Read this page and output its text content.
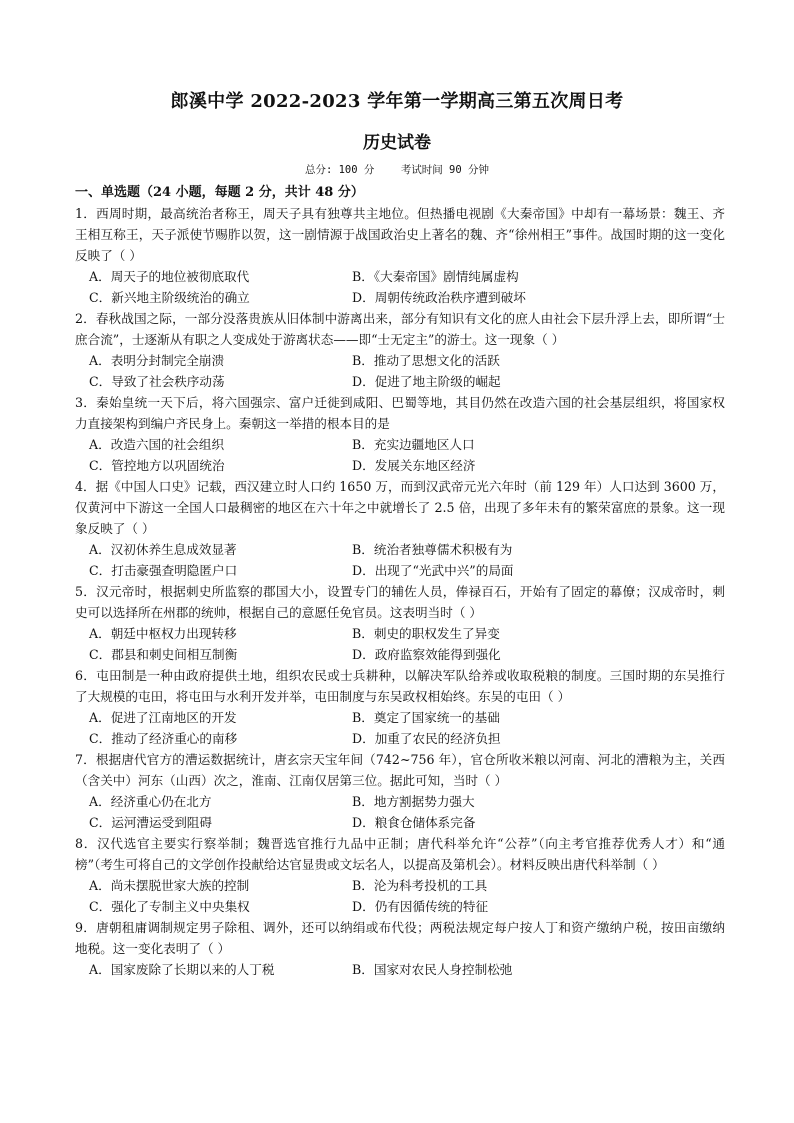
郎溪中学 2022-2023 学年第一学期高三第五次周日考
历史试卷
总分: 100 分	考试时间 90 分钟
一、单选题（24 小题，每题 2 分，共计 48 分）
1．西周时期，最高统治者称王，周天子具有独尊共主地位。但热播电视剧《大秦帝国》中却有一幕场景：魏王、齐王相互称王，天子派使节赐胙以贺，这一剧情源于战国政治史上著名的魏、齐“徐州相王”事件。战国时期的这一变化反映了（ ）
A．周天子的地位被彻底取代	B．《大秦帝国》剧情纯属虚构
C．新兴地主阶级统治的确立	D．周朝传统政治秩序遭到破坏
2．春秋战国之际，一部分没落贵族从旧体制中游离出来，部分有知识有文化的庶人由社会下层升浮上去，即所谓“士庶合流”，士逐渐从有职之人变成处于游离状态——即“士无定主”的游士。这一现象（ ）
A．表明分封制完全崩溃	B．推动了思想文化的活跃
C．导致了社会秩序动荡	D．促进了地主阶级的崛起
3．秦始皇统一天下后，将六国强宗、富户迁徙到咸阳、巴蜀等地，其目仍然在改造六国的社会基层组织，将国家权力直接架构到编户齐民身上。秦朝这一举措的根本目的是
A．改造六国的社会组织	B．充实边疆地区人口
C．管控地方以巩固统治	D．发展关东地区经济
4．据《中国人口史》记载，西汉建立时人口约 1650 万，而到汉武帝元光六年时（前 129 年）人口达到 3600 万，仅黄河中下游这一全国人口最稠密的地区在六十年之中就增长了 2.5 倍，出现了多年未有的繁荣富庶的景象。这一现象反映了（ ）
A．汉初休养生息成效显著	B．统治者独尊儒术积极有为
C．打击豪强查明隐匿户口	D．出现了“光武中兴”的局面
5．汉元帝时，根据刺史所监察的郡国大小，设置专门的辅佐人员，俸禄百石，开始有了固定的幕僚；汉成帝时，刺史可以选择所在州郡的统帅，根据自己的意愿任免官员。这表明当时（ ）
A．朝廷中枢权力出现转移	B．刺史的职权发生了异变
C．郡县和刺史间相互制衡	D．政府监察效能得到强化
6．屯田制是一种由政府提供土地，组织农民或士兵耕种，以解决军队给养或收取税粮的制度。三国时期的东吴推行了大规模的屯田，将屯田与水利开发并举，屯田制度与东吴政权相始终。东吴的屯田（ ）
A．促进了江南地区的开发	B．奠定了国家统一的基础
C．推动了经济重心的南移	D．加重了农民的经济负担
7．根据唐代官方的漕运数据统计，唐玄宗天宝年间（742~756 年），官仓所收米粮以河南、河北的漕粮为主，关西（含关中）河东（山西）次之，淮南、江南仅居第三位。据此可知，当时（ ）
A．经济重心仍在北方	B．地方割据势力强大
C．运河漕运受到阻碍	D．粮食仓储体系完备
8．汉代选官主要实行察举制；魏晋选官推行九品中正制；唐代科举允许“公荐”（向主考官推荐优秀人才）和“通榜”（考生可将自己的文学创作投献给达官显贵或文坛名人，以提高及第机会）。材料反映出唐代科举制（ ）
A．尚未摆脱世家大族的控制	B．沦为科考投机的工具
C．强化了专制主义中央集权	D．仍有因循传统的特征
9．唐朝租庸调制规定男子除租、调外，还可以纳绢或布代役；两税法规定每户按人丁和资产缴纳户税，按田亩缴纳地税。这一变化表明了（ ）
A．国家废除了长期以来的人丁税	B．国家对农民人身控制松弛
